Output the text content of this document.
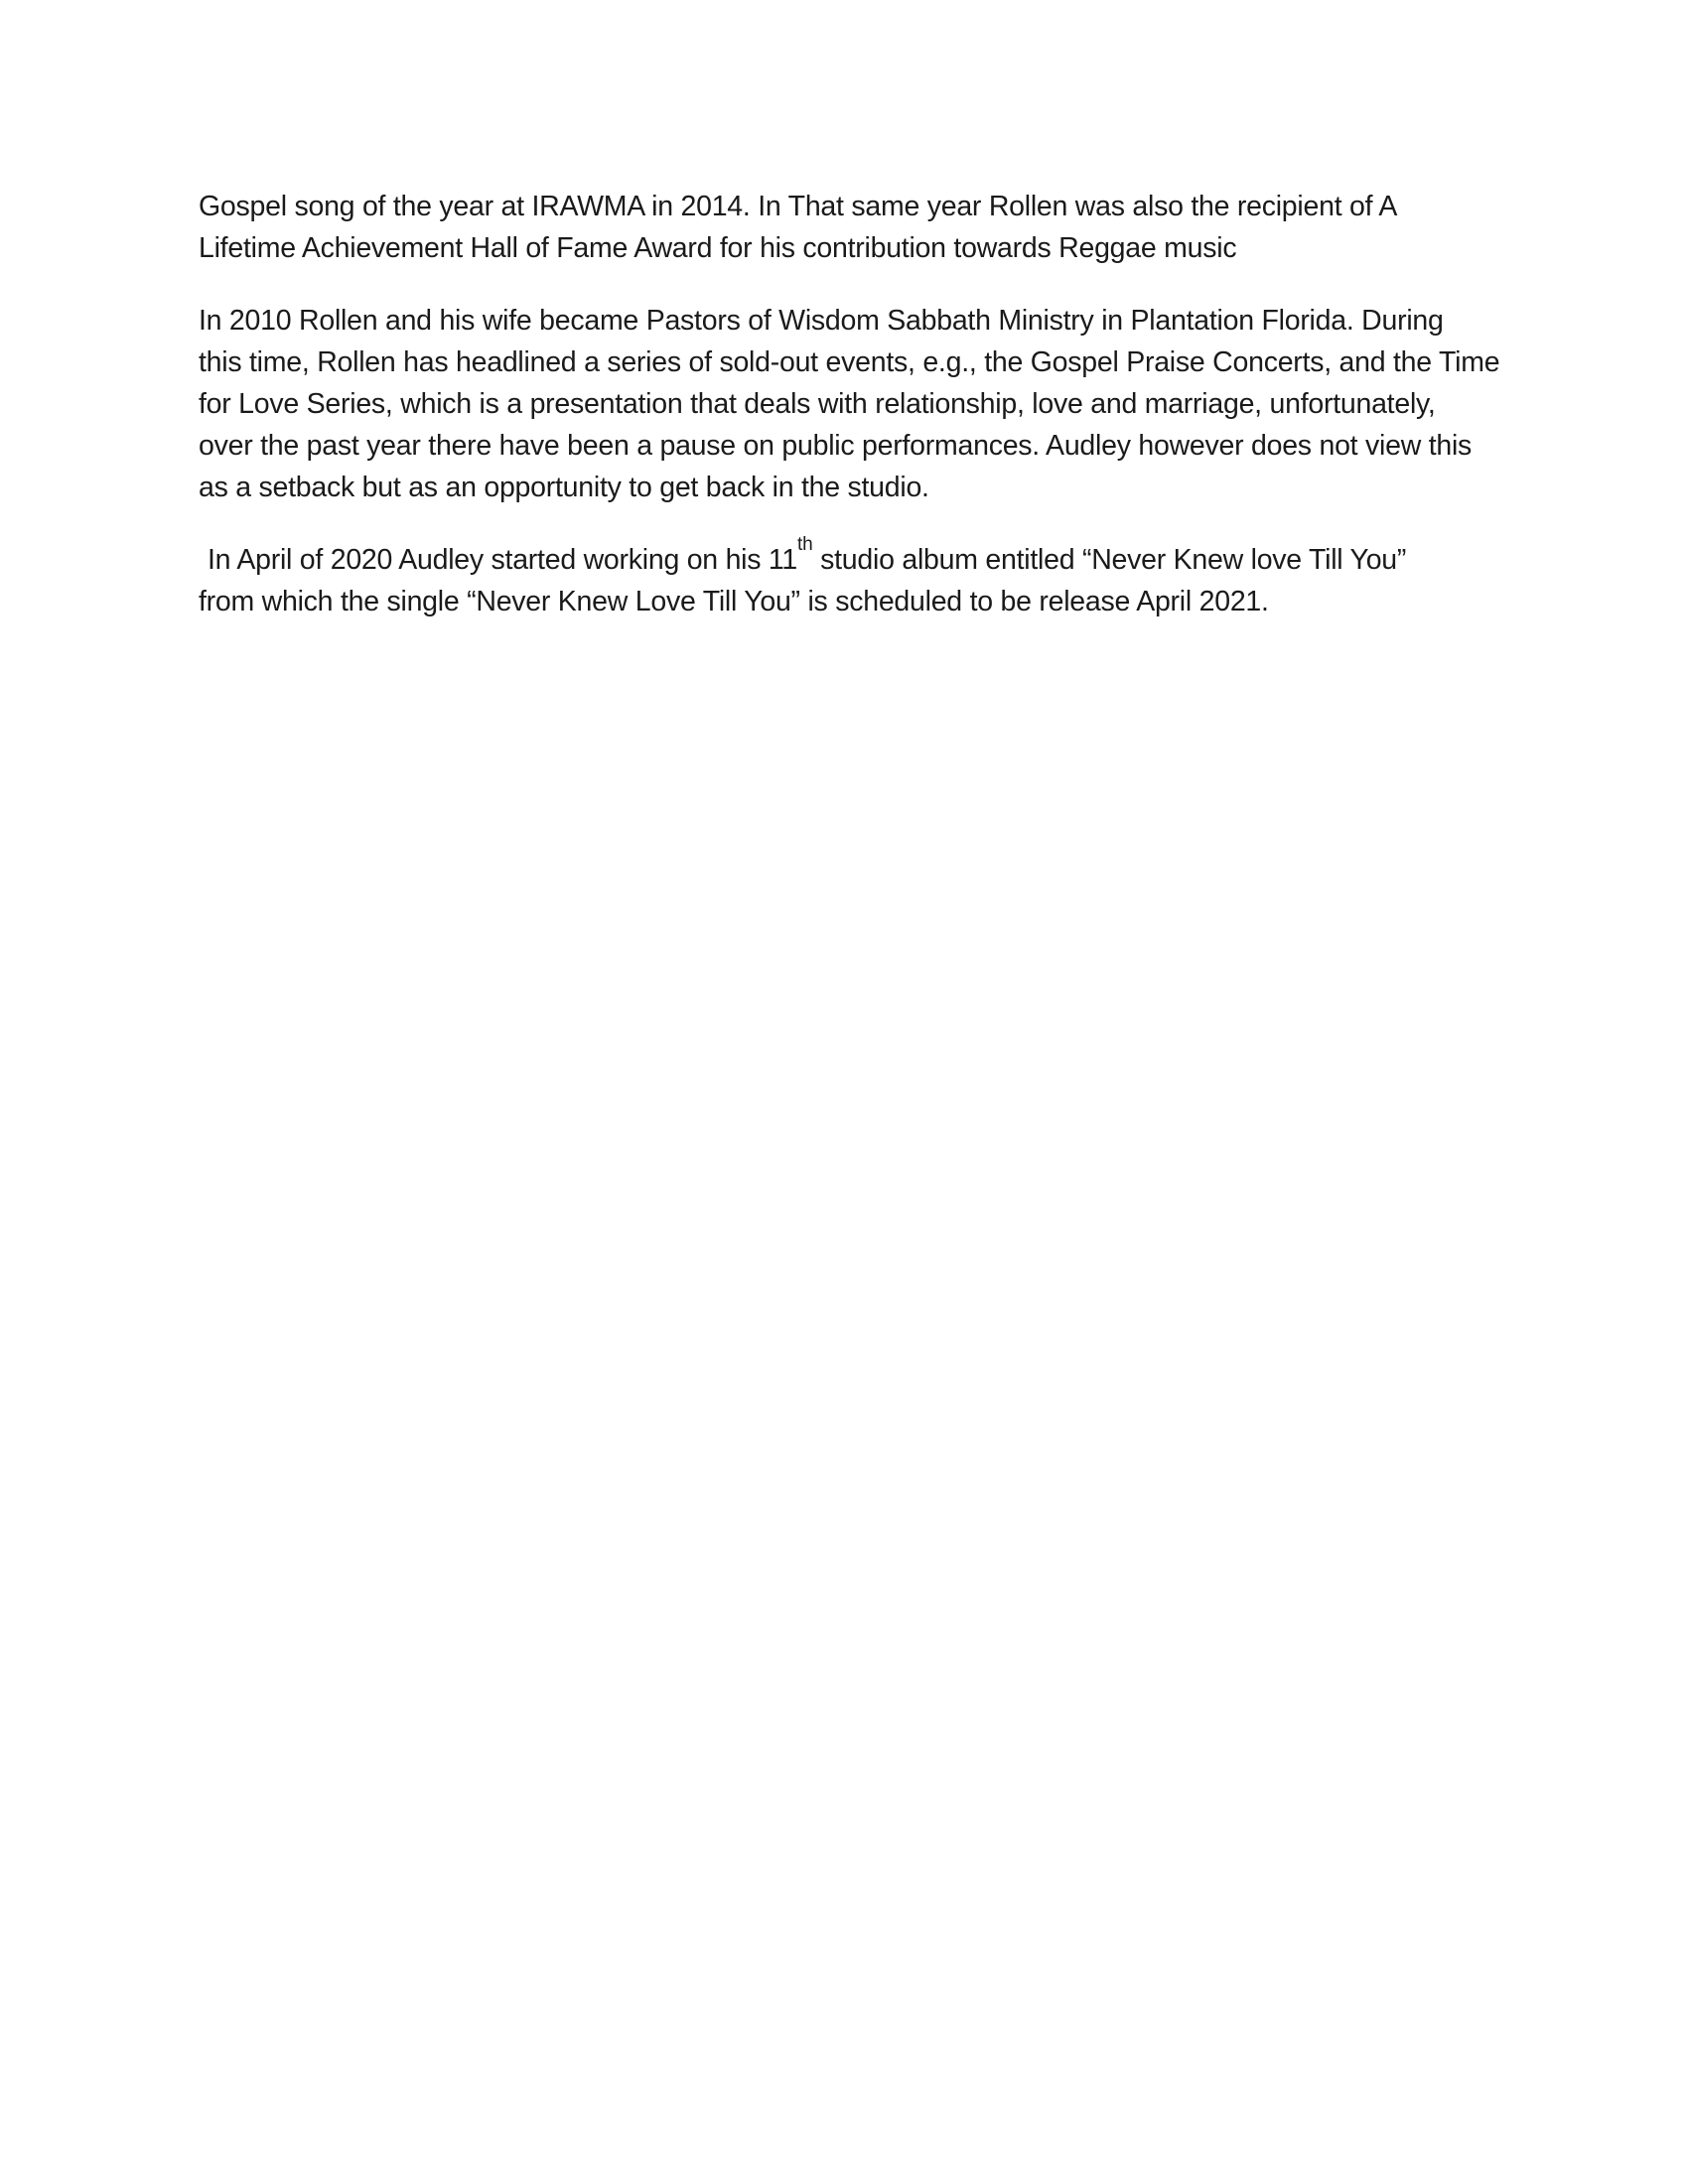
Gospel song of the year at IRAWMA in 2014. In That same year Rollen was also the recipient of A
Lifetime Achievement Hall of Fame Award for his contribution towards Reggae music
In 2010 Rollen and his wife became Pastors of Wisdom Sabbath Ministry in Plantation Florida. During
this time, Rollen has headlined a series of sold-out events, e.g., the Gospel Praise Concerts, and the Time
for Love Series, which is a presentation that deals with relationship, love and marriage, unfortunately,
over the past year there have been a pause on public performances. Audley however does not view this
as a setback but as an opportunity to get back in the studio.
In April of 2020 Audley started working on his 11th studio album entitled “Never Knew love Till You”
from which the single “Never Knew Love Till You” is scheduled to be release April 2021.
